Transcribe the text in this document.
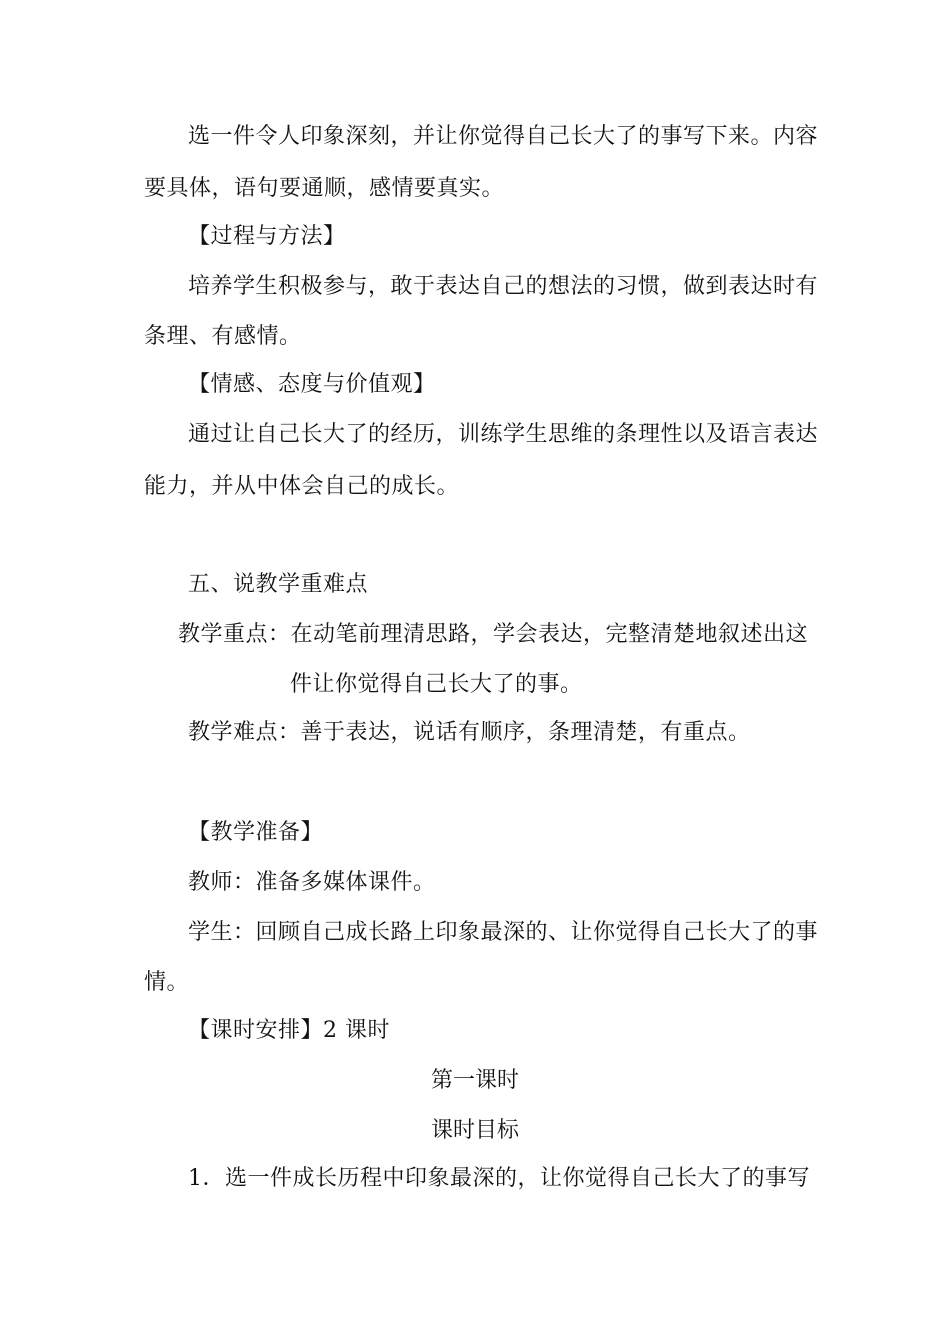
选一件令人印象深刻，并让你觉得自己长大了的事写下来。内容
要具体，语句要通顺，感情要真实。
【过程与方法】
培养学生积极参与，敢于表达自己的想法的习惯，做到表达时有
条理、有感情。
【情感、态度与价值观】
通过让自己长大了的经历，训练学生思维的条理性以及语言表达
能力，并从中体会自己的成长。
五、说教学重难点
教学重点：在动笔前理清思路，学会表达，完整清楚地叙述出这
件让你觉得自己长大了的事。
教学难点：善于表达，说话有顺序，条理清楚，有重点。
【教学准备】
教师：准备多媒体课件。
学生：回顾自己成长路上印象最深的、让你觉得自己长大了的事
情。
【课时安排】2 课时
第一课时
课时目标
1．选一件成长历程中印象最深的，让你觉得自己长大了的事写
